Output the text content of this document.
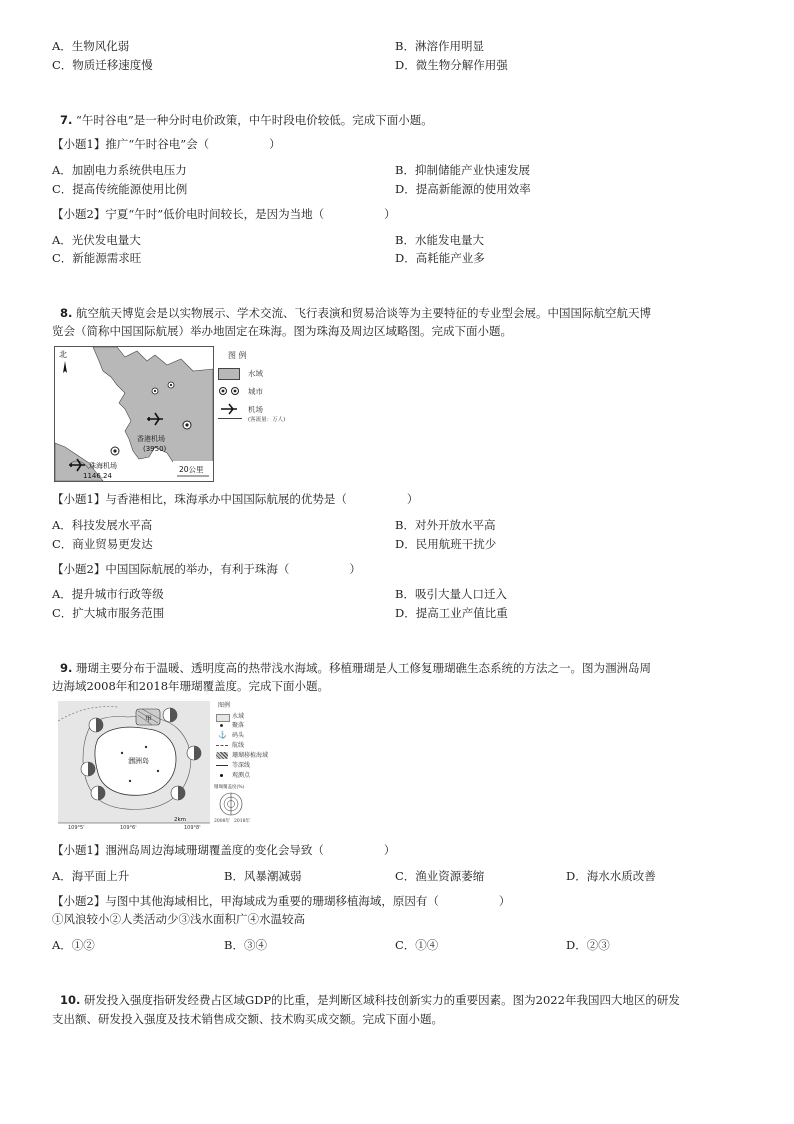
A．生物风化弱	B．淋溶作用明显
C．物质迁移速度慢	D．微生物分解作用强
7. “午时谷电”是一种分时电价政策，中午时段电价较低。完成下面小题。
【小题1】推广“午时谷电”会（	）
A．加剧电力系统供电压力	B．抑制储能产业快速发展
C．提高传统能源使用比例	D．提高新能源的使用效率
【小题2】宁夏“午时”低价电时间较长，是因为当地（	）
A．光伏发电量大	B．水能发电量大
C．新能源需求旺	D．高耗能产业多
8. 航空航天博览会是以实物展示、学术交流、飞行表演和贸易洽谈等为主要特征的专业型会展。中国国际航空航天博
览会（简称中国国际航展）举办地固定在珠海。图为珠海及周边区域略图。完成下面小题。
北
香港机场
(3950)
珠海机场
1146.24
20公里
图 例
水域
城市
机场
(客流量：万人)
【小题1】与香港相比，珠海承办中国国际航展的优势是（	）
A．科技发展水平高	B．对外开放水平高
C．商业贸易更发达	D．民用航班干扰少
【小题2】中国国际航展的举办，有利于珠海（	）
A．提升城市行政等级	B．吸引大量人口迁入
C．扩大城市服务范围	D．提高工业产值比重
9. 珊瑚主要分布于温暖、透明度高的热带浅水海域。移植珊瑚是人工修复珊瑚礁生态系统的方法之一。图为涠洲岛周
边海域2008年和2018年珊瑚覆盖度。完成下面小题。
涠洲岛
甲
109°5'	109°6'	109°8'
2km
图例
水域
聚落
⚓ 码头
航线
珊瑚移植海域
等深线
观测点
珊瑚覆盖度(%)
2008年 2018年
【小题1】涠洲岛周边海域珊瑚覆盖度的变化会导致（	）
A．海平面上升	B．风暴潮减弱	C．渔业资源萎缩	D．海水水质改善
【小题2】与图中其他海域相比，甲海域成为重要的珊瑚移植海域，原因有（	）
①风浪较小②人类活动少③浅水面积广④水温较高
A．①②	B．③④	C．①④	D．②③
10. 研发投入强度指研发经费占区域GDP的比重，是判断区域科技创新实力的重要因素。图为2022年我国四大地区的研发
支出额、研发投入强度及技术销售成交额、技术购买成交额。完成下面小题。
